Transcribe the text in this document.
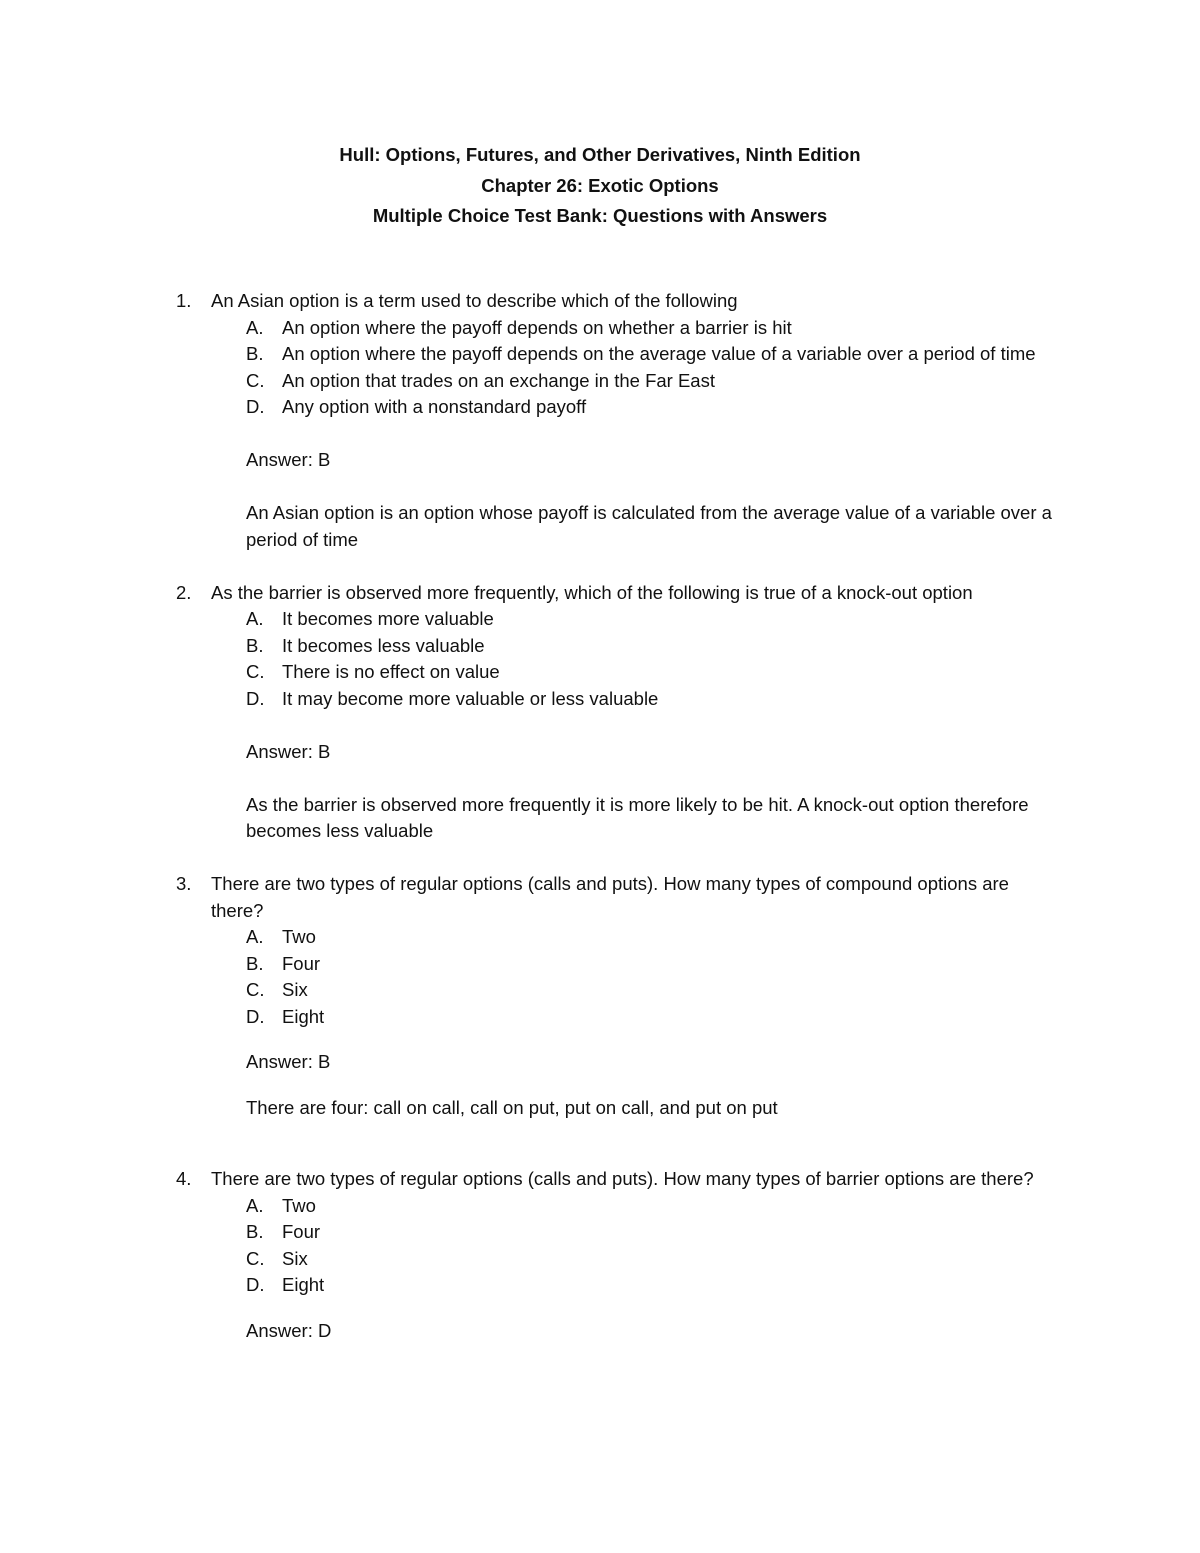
Hull: Options, Futures, and Other Derivatives, Ninth Edition

Chapter 26: Exotic Options

Multiple Choice Test Bank: Questions with Answers

1. An Asian option is a term used to describe which of the following
A. An option where the payoff depends on whether a barrier is hit
B. An option where the payoff depends on the average value of a variable over a period of time
C. An option that trades on an exchange in the Far East
D. Any option with a nonstandard payoff
Answer: B
An Asian option is an option whose payoff is calculated from the average value of a variable over a period of time
2. As the barrier is observed more frequently, which of the following is true of a knock-out option
A. It becomes more valuable
B. It becomes less valuable
C. There is no effect on value
D. It may become more valuable or less valuable
Answer: B
As the barrier is observed more frequently it is more likely to be hit. A knock-out option therefore becomes less valuable
3. There are two types of regular options (calls and puts). How many types of compound options are there?
A. Two
B. Four
C. Six
D. Eight
Answer: B
There are four: call on call, call on put, put on call, and put on put
4. There are two types of regular options (calls and puts). How many types of barrier options are there?
A. Two
B. Four
C. Six
D. Eight
Answer: D
